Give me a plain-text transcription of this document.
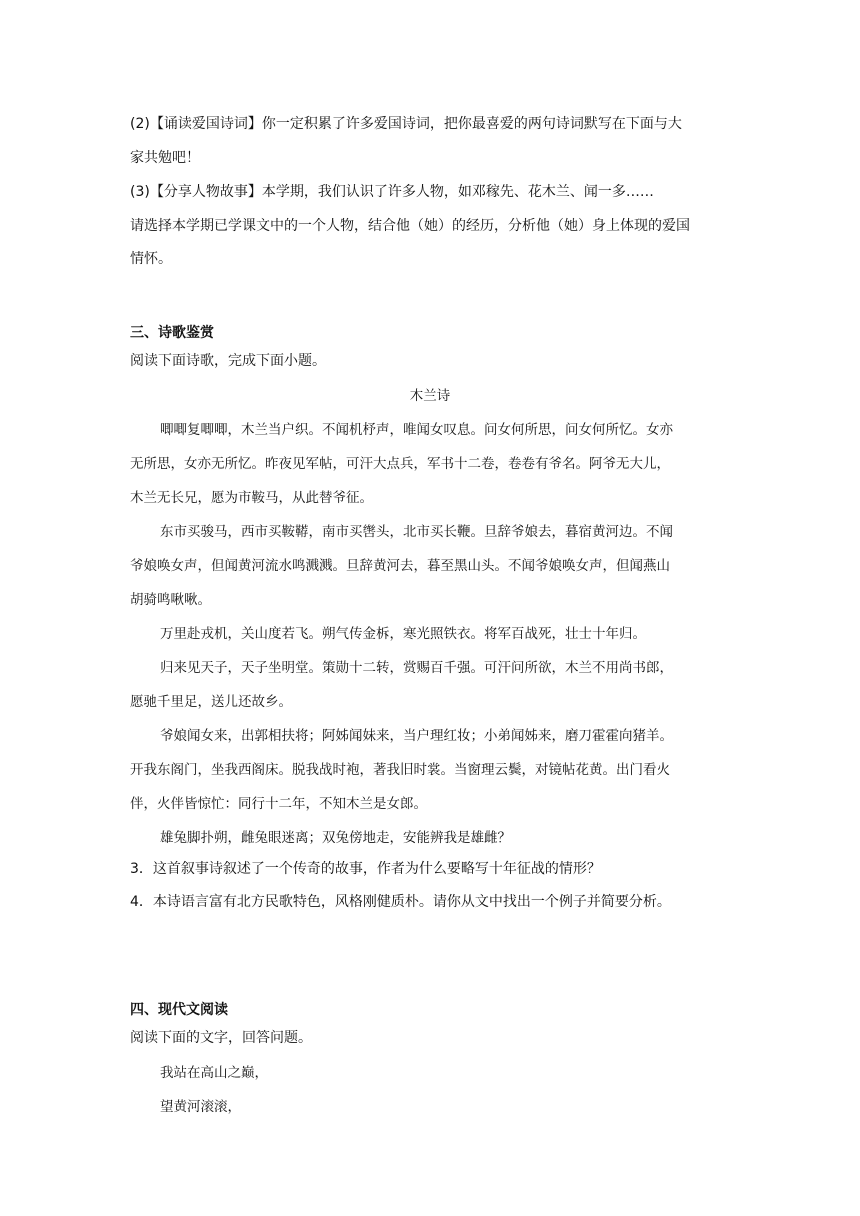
(2)【诵读爱国诗词】你一定积累了许多爱国诗词，把你最喜爱的两句诗词默写在下面与大
家共勉吧！
(3)【分享人物故事】本学期，我们认识了许多人物，如邓稼先、花木兰、闻一多……
请选择本学期已学课文中的一个人物，结合他（她）的经历，分析他（她）身上体现的爱国
情怀。
三、诗歌鉴赏
阅读下面诗歌，完成下面小题。
木兰诗
唧唧复唧唧，木兰当户织。不闻机杼声，唯闻女叹息。问女何所思，问女何所忆。女亦
无所思，女亦无所忆。昨夜见军帖，可汗大点兵，军书十二卷，卷卷有爷名。阿爷无大儿，
木兰无长兄，愿为市鞍马，从此替爷征。
东市买骏马，西市买鞍鞯，南市买辔头，北市买长鞭。旦辞爷娘去，暮宿黄河边。不闻
爷娘唤女声，但闻黄河流水鸣溅溅。旦辞黄河去，暮至黑山头。不闻爷娘唤女声，但闻燕山
胡骑鸣啾啾。
万里赴戎机，关山度若飞。朔气传金柝，寒光照铁衣。将军百战死，壮士十年归。
归来见天子，天子坐明堂。策勋十二转，赏赐百千强。可汗问所欲，木兰不用尚书郎，
愿驰千里足，送儿还故乡。
爷娘闻女来，出郭相扶将；阿姊闻妹来，当户理红妆；小弟闻姊来，磨刀霍霍向猪羊。
开我东阁门，坐我西阁床。脱我战时袍，著我旧时裳。当窗理云鬓，对镜帖花黄。出门看火
伴，火伴皆惊忙：同行十二年，不知木兰是女郎。
雄兔脚扑朔，雌兔眼迷离；双兔傍地走，安能辨我是雄雌？
3．这首叙事诗叙述了一个传奇的故事，作者为什么要略写十年征战的情形？
4．本诗语言富有北方民歌特色，风格刚健质朴。请你从文中找出一个例子并简要分析。
四、现代文阅读
阅读下面的文字，回答问题。
我站在高山之巅，
望黄河滚滚，
